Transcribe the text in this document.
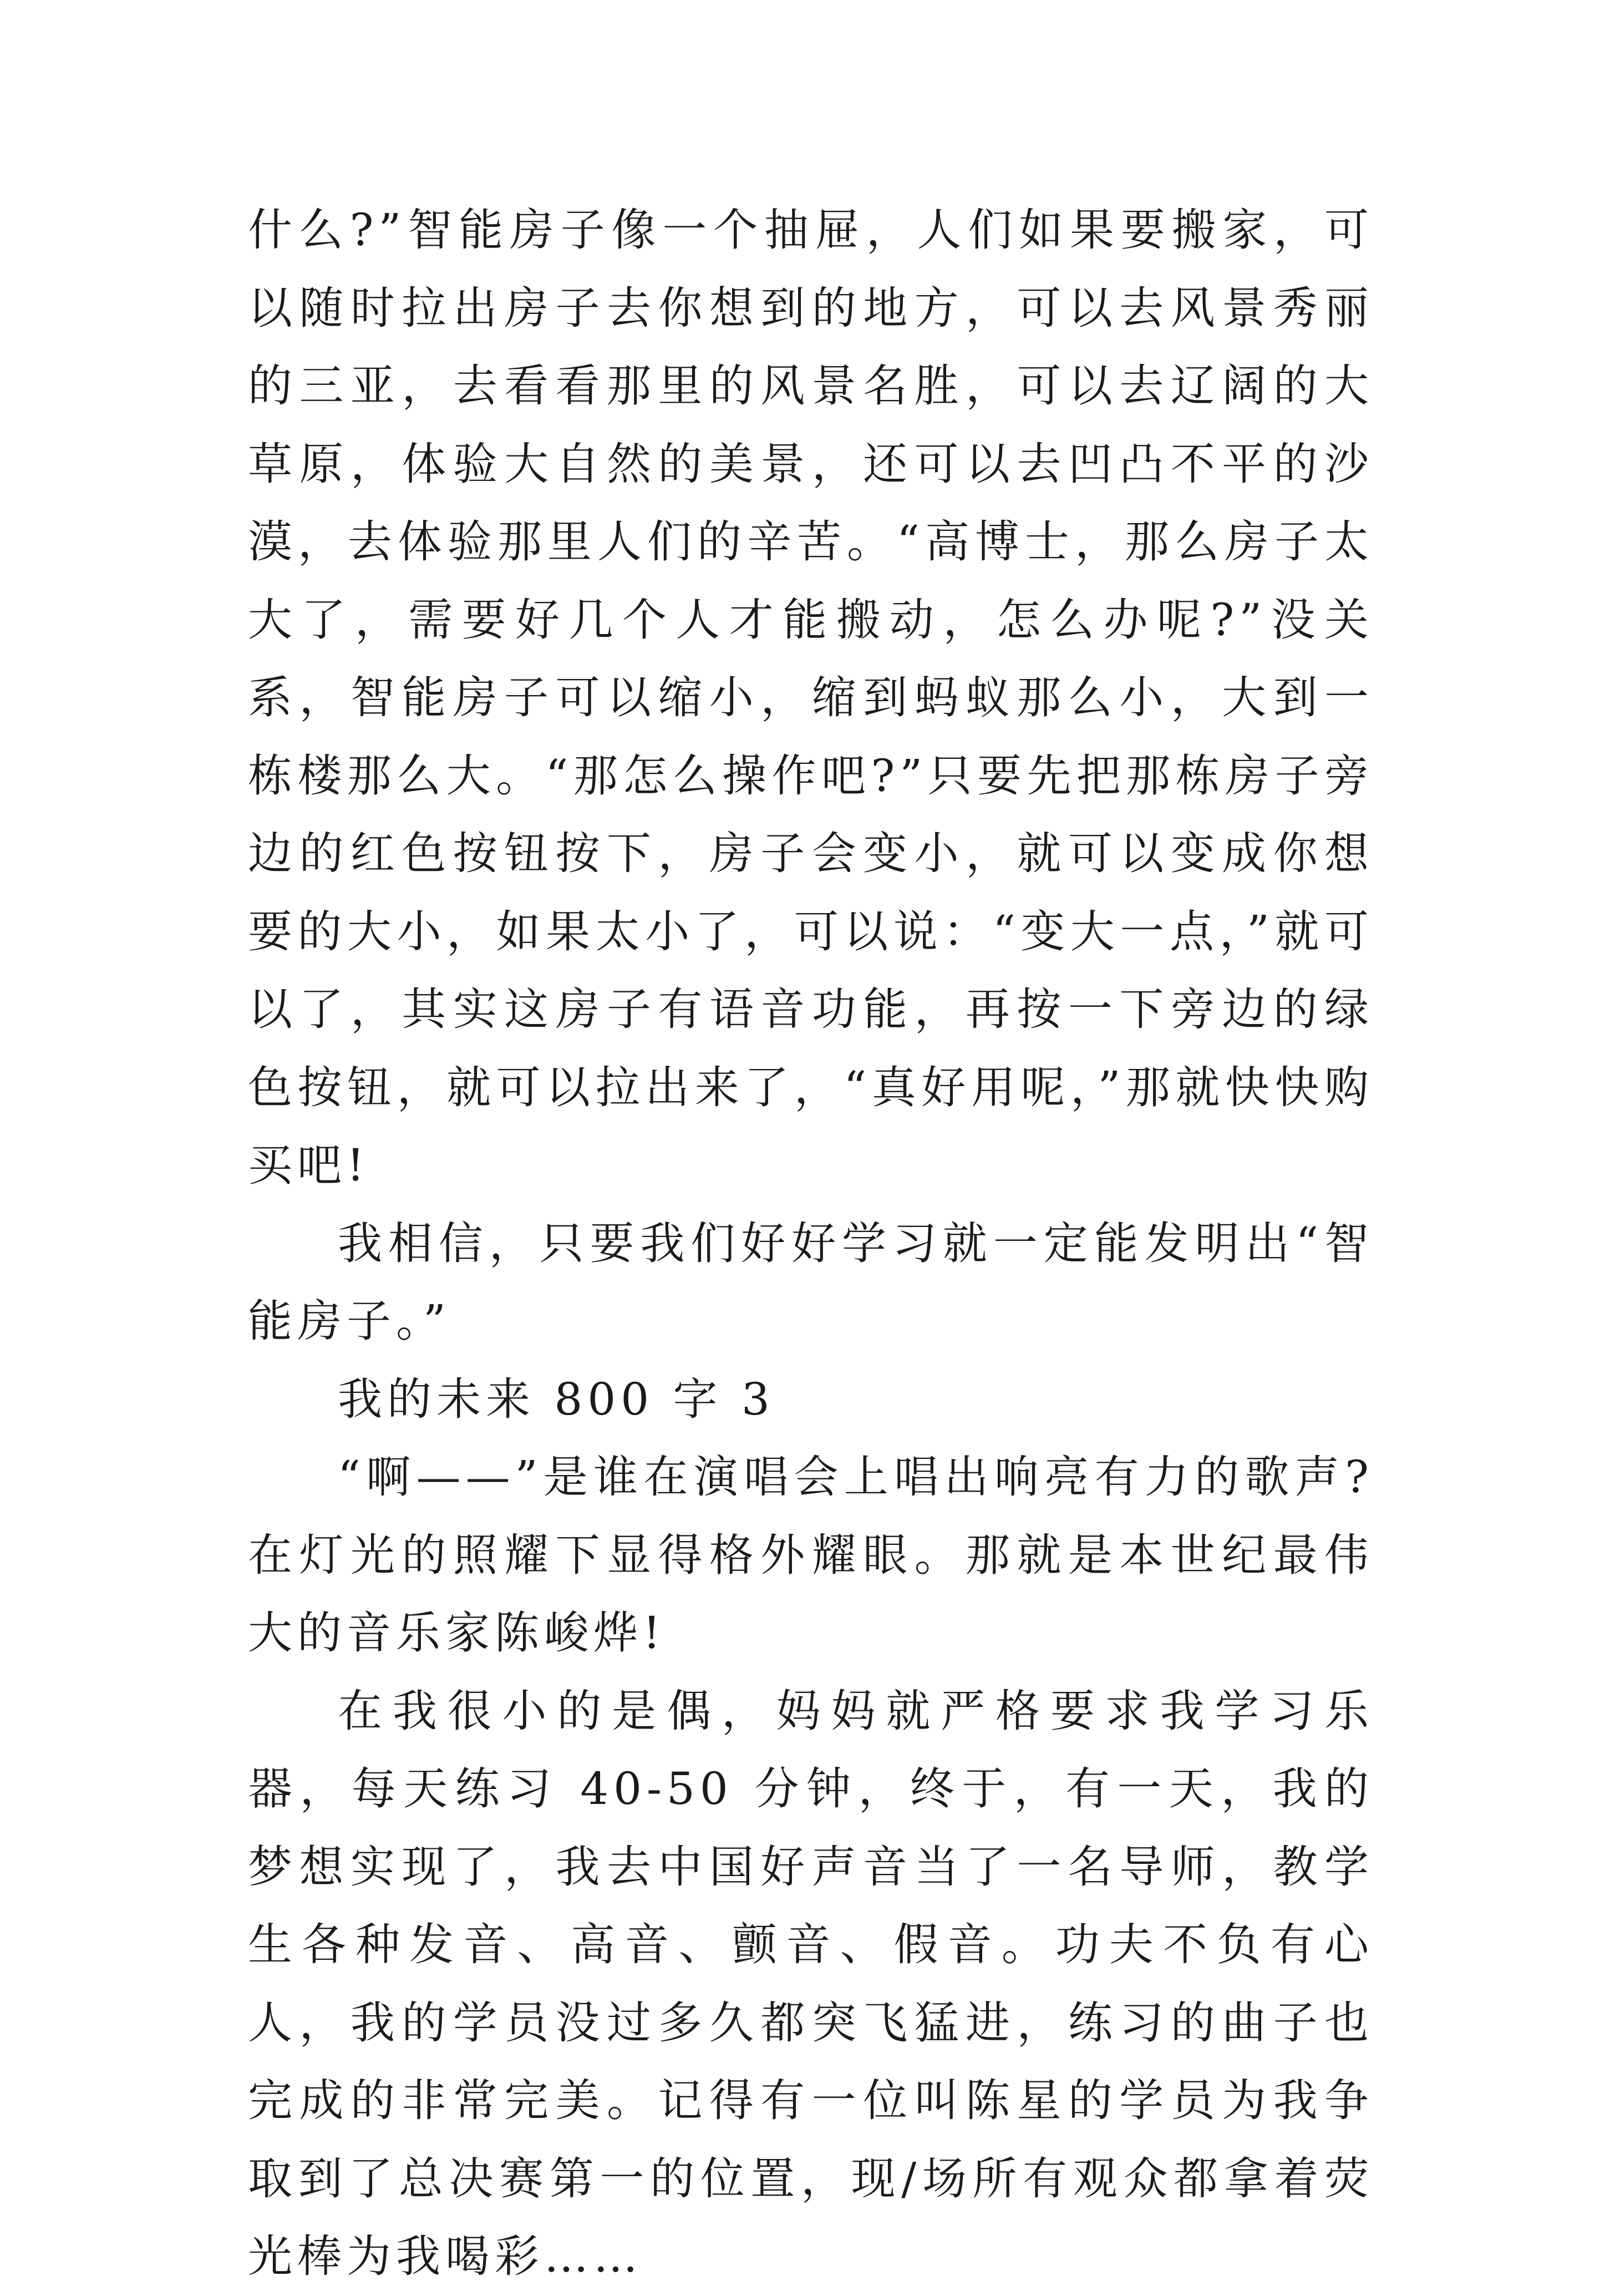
什么?”智能房子像一个抽屉，人们如果要搬家，可以随时拉出房子去你想到的地方，可以去风景秀丽的三亚，去看看那里的风景名胜，可以去辽阔的大草原，体验大自然的美景，还可以去凹凸不平的沙漠，去体验那里人们的辛苦。“高博士，那么房子太大了，需要好几个人才能搬动，怎么办呢?”没关系，智能房子可以缩小，缩到蚂蚁那么小，大到一栋楼那么大。“那怎么操作吧?”只要先把那栋房子旁边的红色按钮按下，房子会变小，就可以变成你想要的大小，如果太小了，可以说：“变大一点，”就可以了，其实这房子有语音功能，再按一下旁边的绿色按钮，就可以拉出来了，“真好用呢，”那就快快购买吧!

我相信，只要我们好好学习就一定能发明出“智能房子。”

我的未来 800 字 3

“啊——”是谁在演唱会上唱出响亮有力的歌声?在灯光的照耀下显得格外耀眼。那就是本世纪最伟大的音乐家陈峻烨!

在我很小的是偶，妈妈就严格要求我学习乐器，每天练习 40-50 分钟，终于，有一天，我的梦想实现了，我去中国好声音当了一名导师，教学生各种发音、高音、颤音、假音。功夫不负有心人，我的学员没过多久都突飞猛进，练习的曲子也完成的非常完美。记得有一位叫陈星的学员为我争取到了总决赛第一的位置，现/场所有观众都拿着荧光棒为我喝彩……
